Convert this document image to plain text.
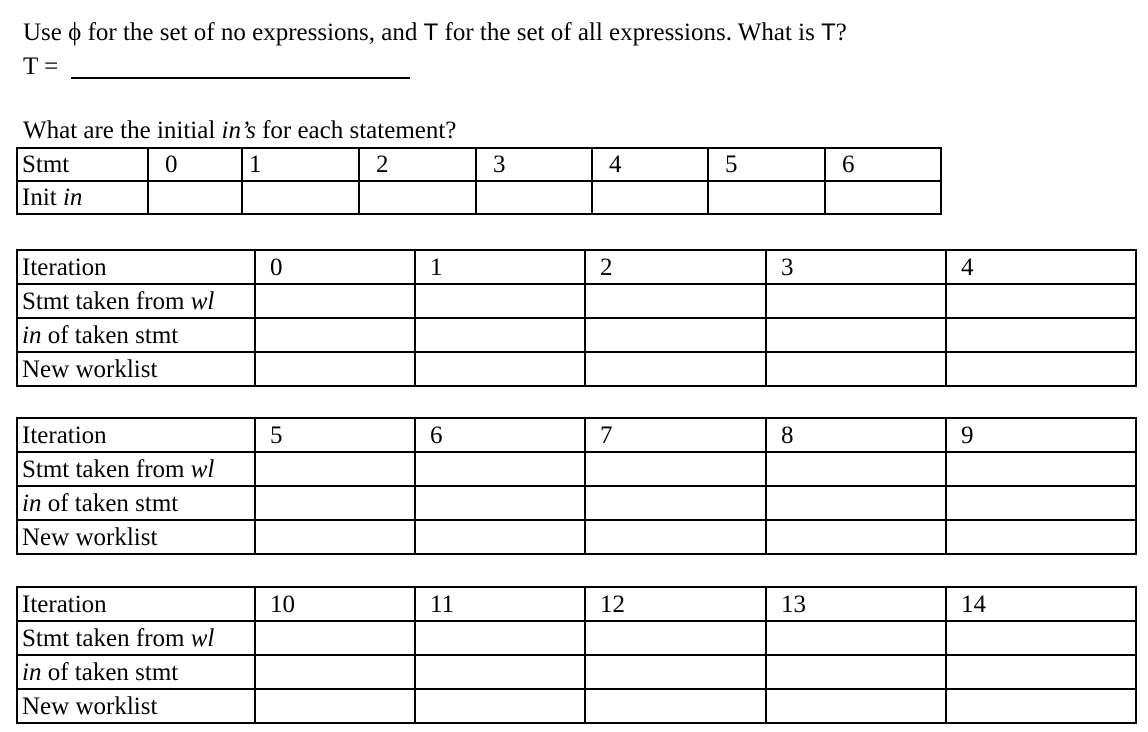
Use ϕ for the set of no expressions, and T for the set of all expressions. What is T?
T =
What are the initial in’s for each statement?
Stmt	0	1	2	3	4	5	6
Init in							
Iteration	0	1	2	3	4
Stmt taken from wl					
in of taken stmt					
New worklist					
Iteration	5	6	7	8	9
Stmt taken from wl					
in of taken stmt					
New worklist					
Iteration	10	11	12	13	14
Stmt taken from wl					
in of taken stmt					
New worklist					
